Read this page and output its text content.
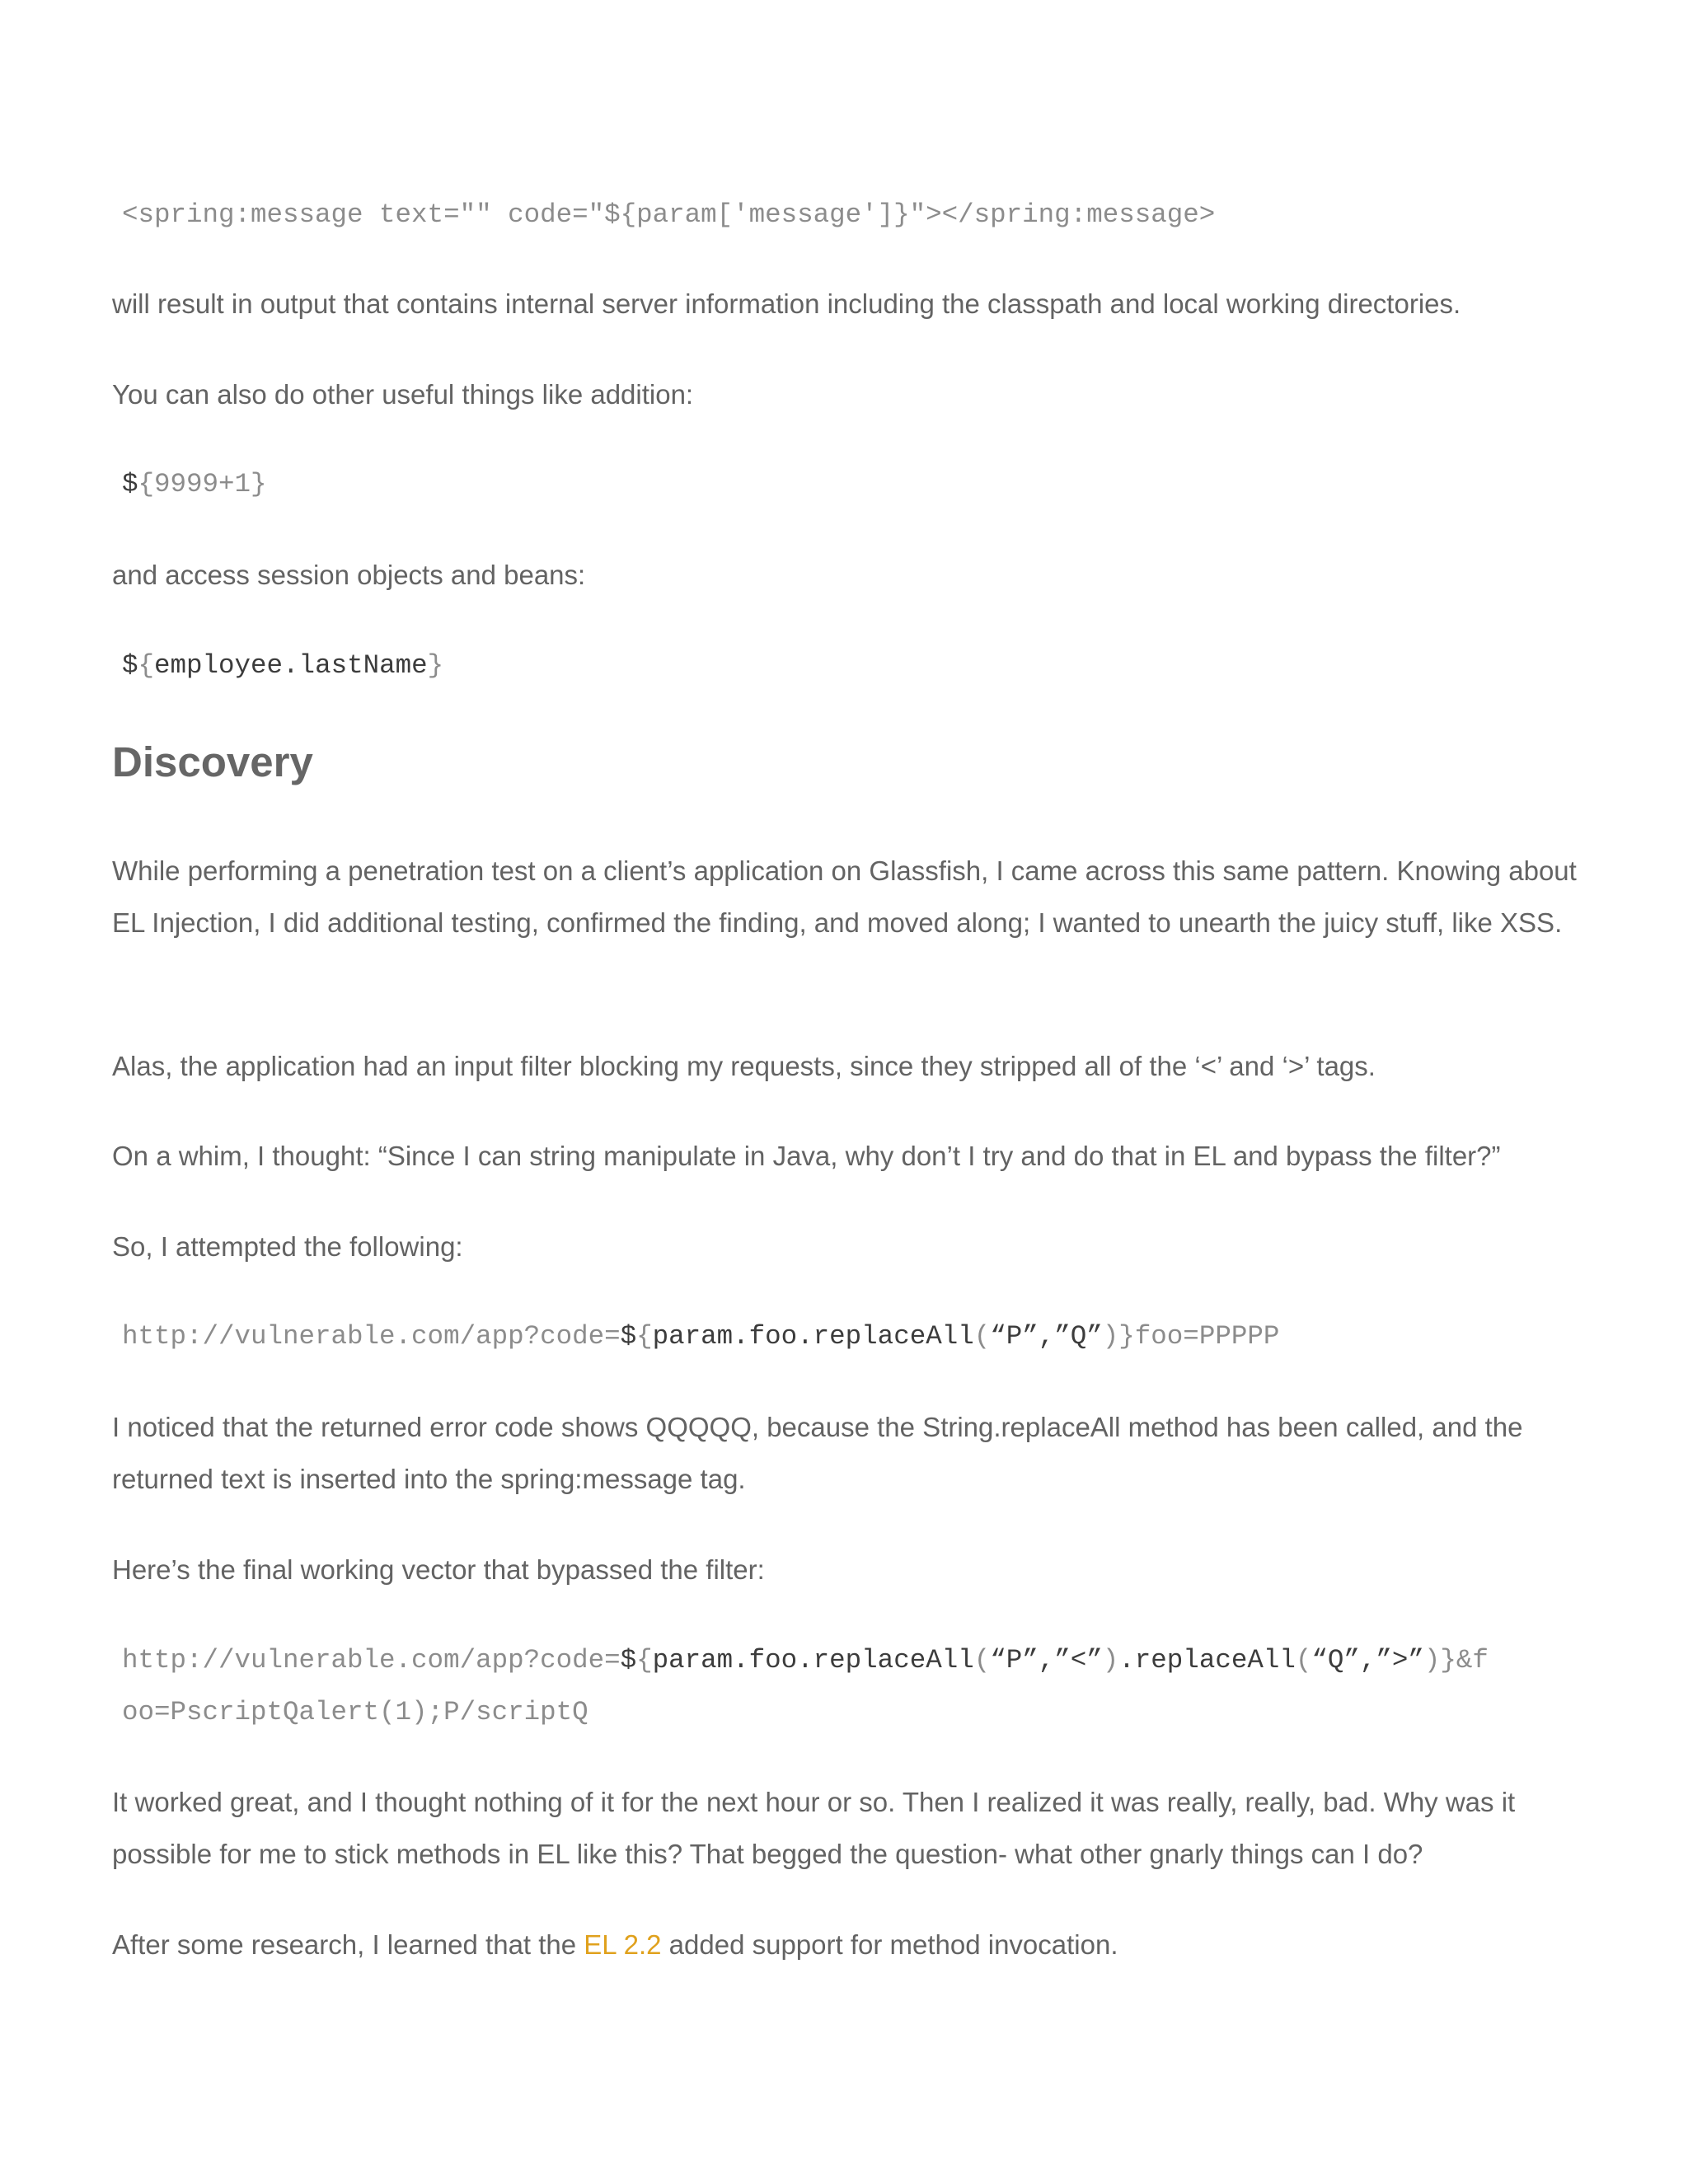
<spring:message text="" code="${param['message']}"></spring:message>

will result in output that contains internal server information including the classpath and local working directories.

You can also do other useful things like addition:

${9999+1}

and access session objects and beans:

${employee.lastName}
Discovery

While performing a penetration test on a client’s application on Glassfish, I came across this same pattern. Knowing about EL Injection, I did additional testing, confirmed the finding, and moved along; I wanted to unearth the juicy stuff, like XSS.

Alas, the application had an input filter blocking my requests, since they stripped all of the ‘<’ and ‘>’ tags.

On a whim, I thought: “Since I can string manipulate in Java, why don’t I try and do that in EL and bypass the filter?”

So, I attempted the following:

http://vulnerable.com/app?code=${param.foo.replaceAll(“P”,”Q”)}foo=PPPPP

I noticed that the returned error code shows QQQQQ, because the String.replaceAll method has been called, and the returned text is inserted into the spring:message tag.

Here’s the final working vector that bypassed the filter:

http://vulnerable.com/app?code=${param.foo.replaceAll(“P”,”<”).replaceAll(“Q”,”>”)}&f
oo=PscriptQalert(1);P/scriptQ

It worked great, and I thought nothing of it for the next hour or so. Then I realized it was really, really, bad. Why was it possible for me to stick methods in EL like this? That begged the question- what other gnarly things can I do?

After some research, I learned that the EL 2.2 added support for method invocation.
